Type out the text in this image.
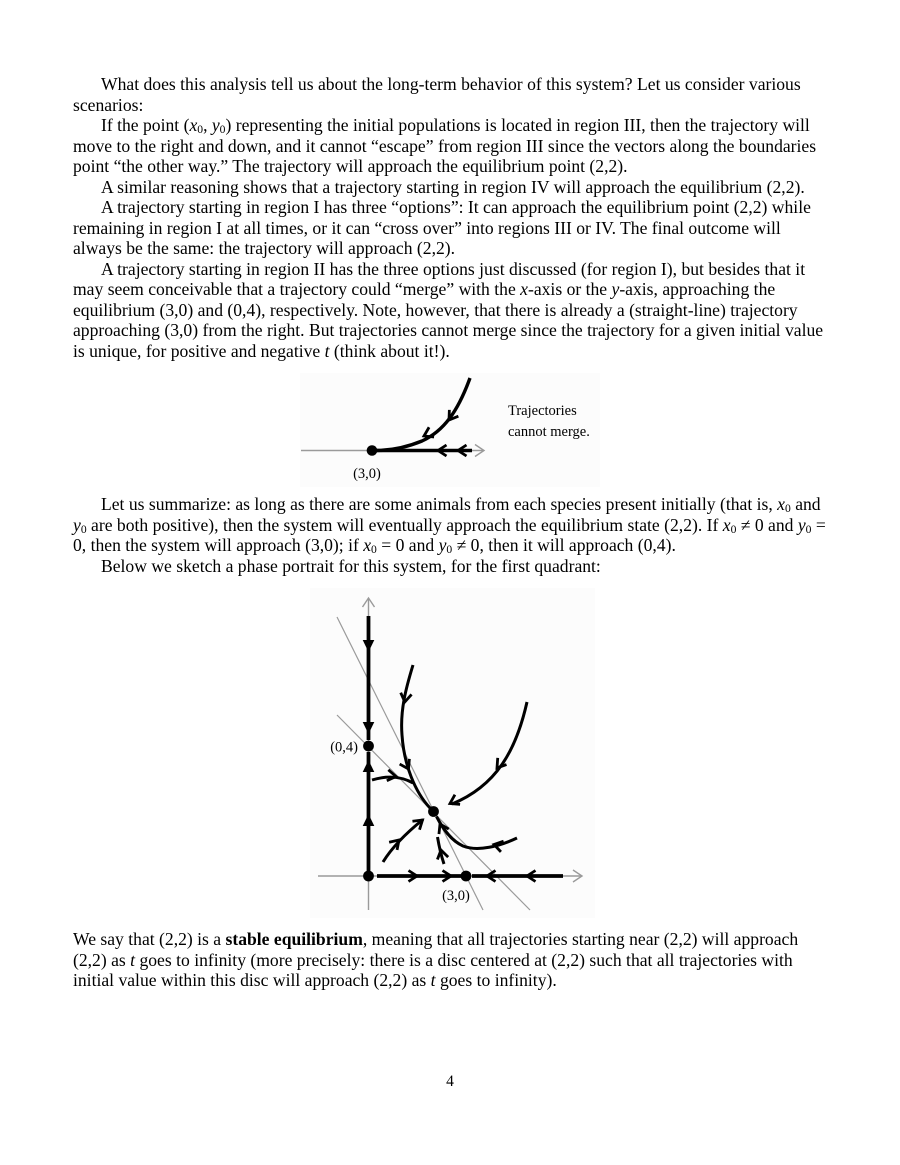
What does this analysis tell us about the long-term behavior of this system? Let us consider various scenarios:

If the point ($x_0$, $y_0$) representing the initial populations is located in region III, then the trajectory will move to the right and down, and it cannot “escape” from region III since the vectors along the boundaries point “the other way.” The trajectory will approach the equilibrium point (2,2).

A similar reasoning shows that a trajectory starting in region IV will approach the equilibrium (2,2).

A trajectory starting in region I has three “options”: It can approach the equilibrium point (2,2) while remaining in region I at all times, or it can “cross over” into regions III or IV. The final outcome will always be the same: the trajectory will approach (2,2).

A trajectory starting in region II has the three options just discussed (for region I), but besides that it may seem conceivable that a trajectory could “merge” with the x-axis or the y-axis, approaching the equilibrium (3,0) and (0,4), respectively. Note, however, that there is already a (straight-line) trajectory approaching (3,0) from the right. But trajectories cannot merge since the trajectory for a given initial value is unique, for positive and negative t (think about it!).

(3,0)
Trajectories
cannot merge.

Let us summarize: as long as there are some animals from each species present initially (that is, $x_0$ and $y_0$ are both positive), then the system will eventually approach the equilibrium state (2,2). If $x_0 \ne 0$ and $y_0 = 0$, then the system will approach (3,0); if $x_0 = 0$ and $y_0 \ne 0$, then it will approach (0,4).

Below we sketch a phase portrait for this system, for the first quadrant:

(0,4)
(3,0)

We say that (2,2) is a stable equilibrium, meaning that all trajectories starting near (2,2) will approach (2,2) as t goes to infinity (more precisely: there is a disc centered at (2,2) such that all trajectories with initial value within this disc will approach (2,2) as t goes to infinity).

4
